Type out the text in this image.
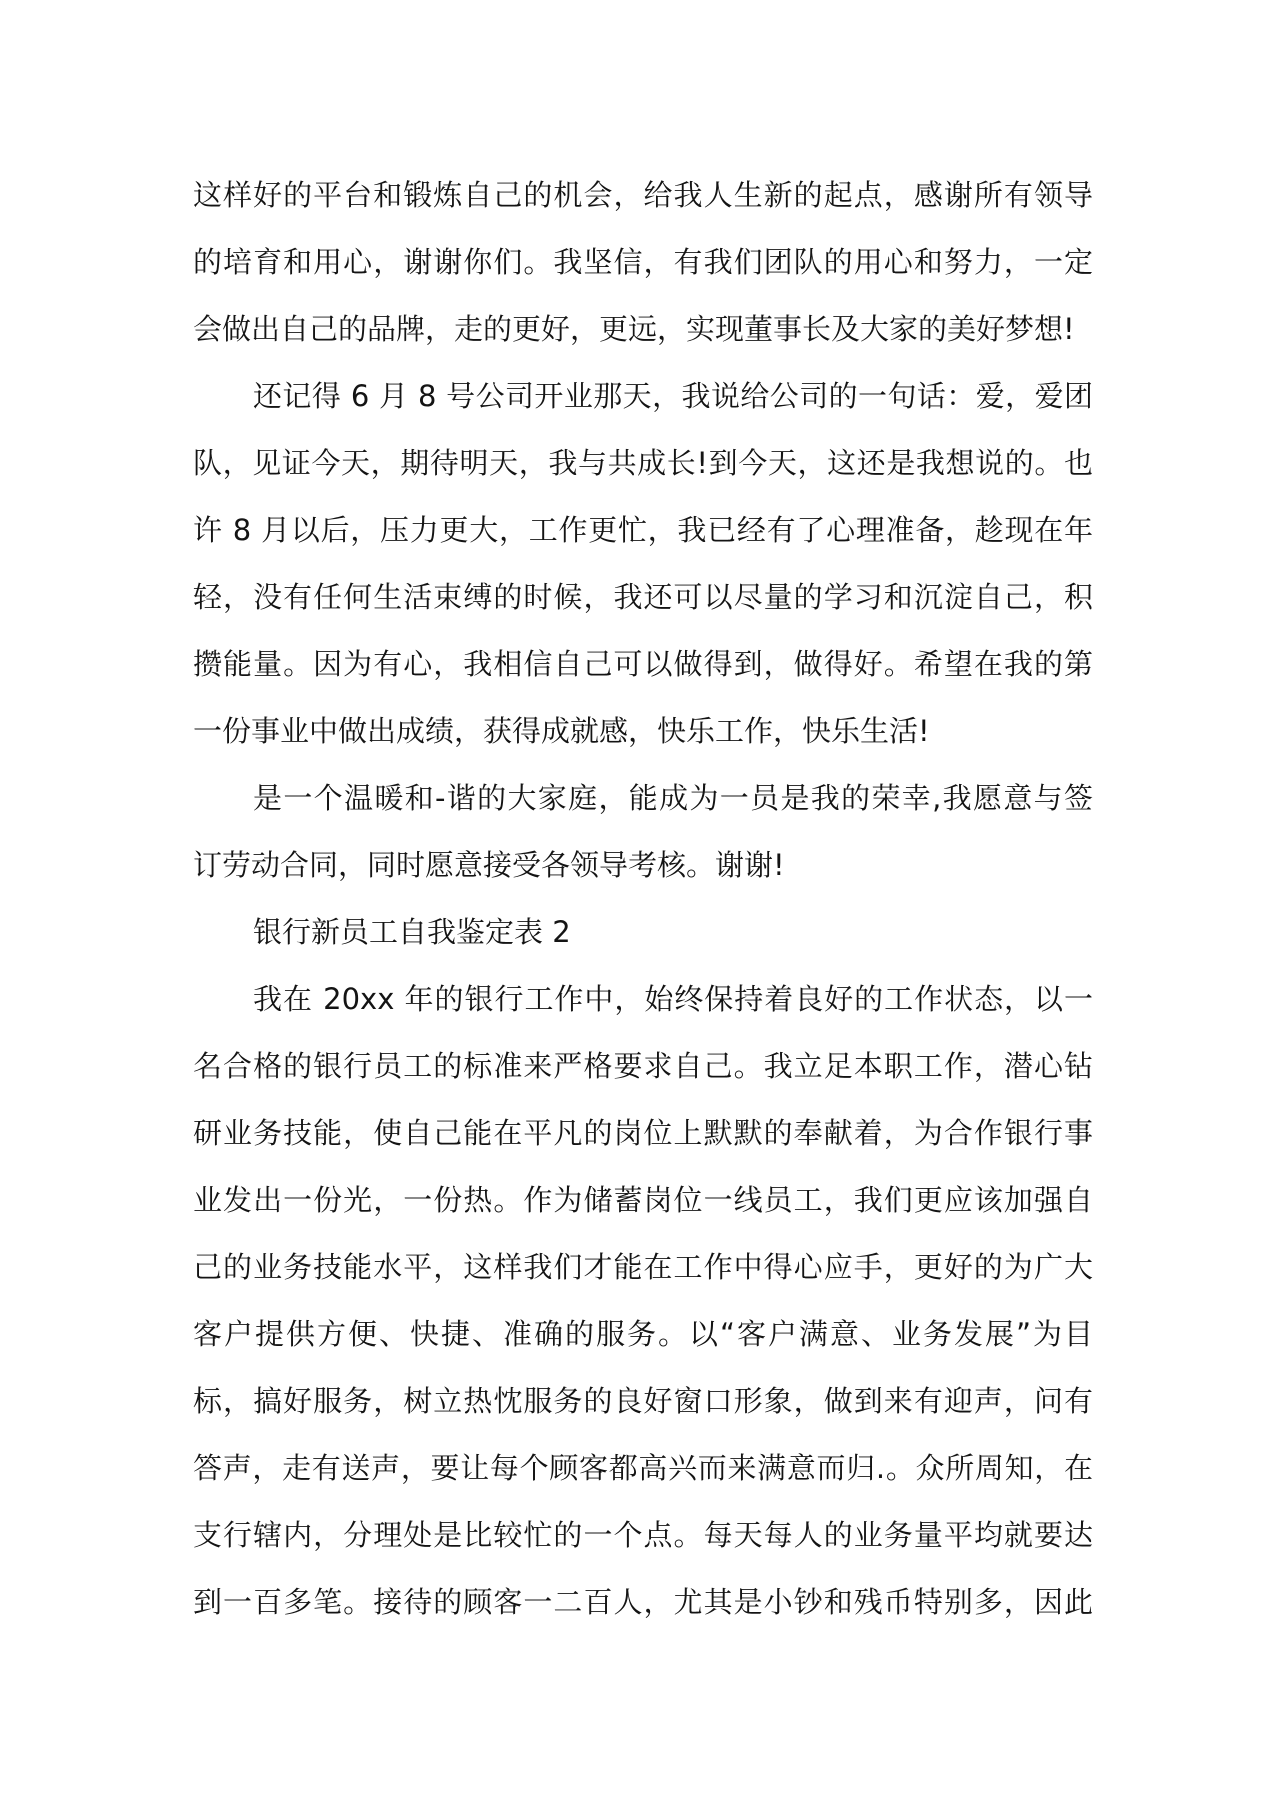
这样好的平台和锻炼自己的机会，给我人生新的起点，感谢所有领导
的培育和用心，谢谢你们。我坚信，有我们团队的用心和努力，一定
会做出自己的品牌，走的更好，更远，实现董事长及大家的美好梦想!
还记得 6 月 8 号公司开业那天，我说给公司的一句话：爱，爱团
队，见证今天，期待明天，我与共成长!到今天，这还是我想说的。也
许 8 月以后，压力更大，工作更忙，我已经有了心理准备，趁现在年
轻，没有任何生活束缚的时候，我还可以尽量的学习和沉淀自己，积
攒能量。因为有心，我相信自己可以做得到，做得好。希望在我的第
一份事业中做出成绩，获得成就感，快乐工作，快乐生活!
是一个温暖和-谐的大家庭，能成为一员是我的荣幸,我愿意与签
订劳动合同，同时愿意接受各领导考核。谢谢!
银行新员工自我鉴定表 2
我在 20xx 年的银行工作中，始终保持着良好的工作状态，以一
名合格的银行员工的标准来严格要求自己。我立足本职工作，潜心钻
研业务技能，使自己能在平凡的岗位上默默的奉献着，为合作银行事
业发出一份光，一份热。作为储蓄岗位一线员工，我们更应该加强自
己的业务技能水平，这样我们才能在工作中得心应手，更好的为广大
客户提供方便、快捷、准确的服务。以“客户满意、业务发展”为目
标，搞好服务，树立热忱服务的良好窗口形象，做到来有迎声，问有
答声，走有送声，要让每个顾客都高兴而来满意而归.。众所周知，在
支行辖内，分理处是比较忙的一个点。每天每人的业务量平均就要达
到一百多笔。接待的顾客一二百人，尤其是小钞和残币特别多，因此
